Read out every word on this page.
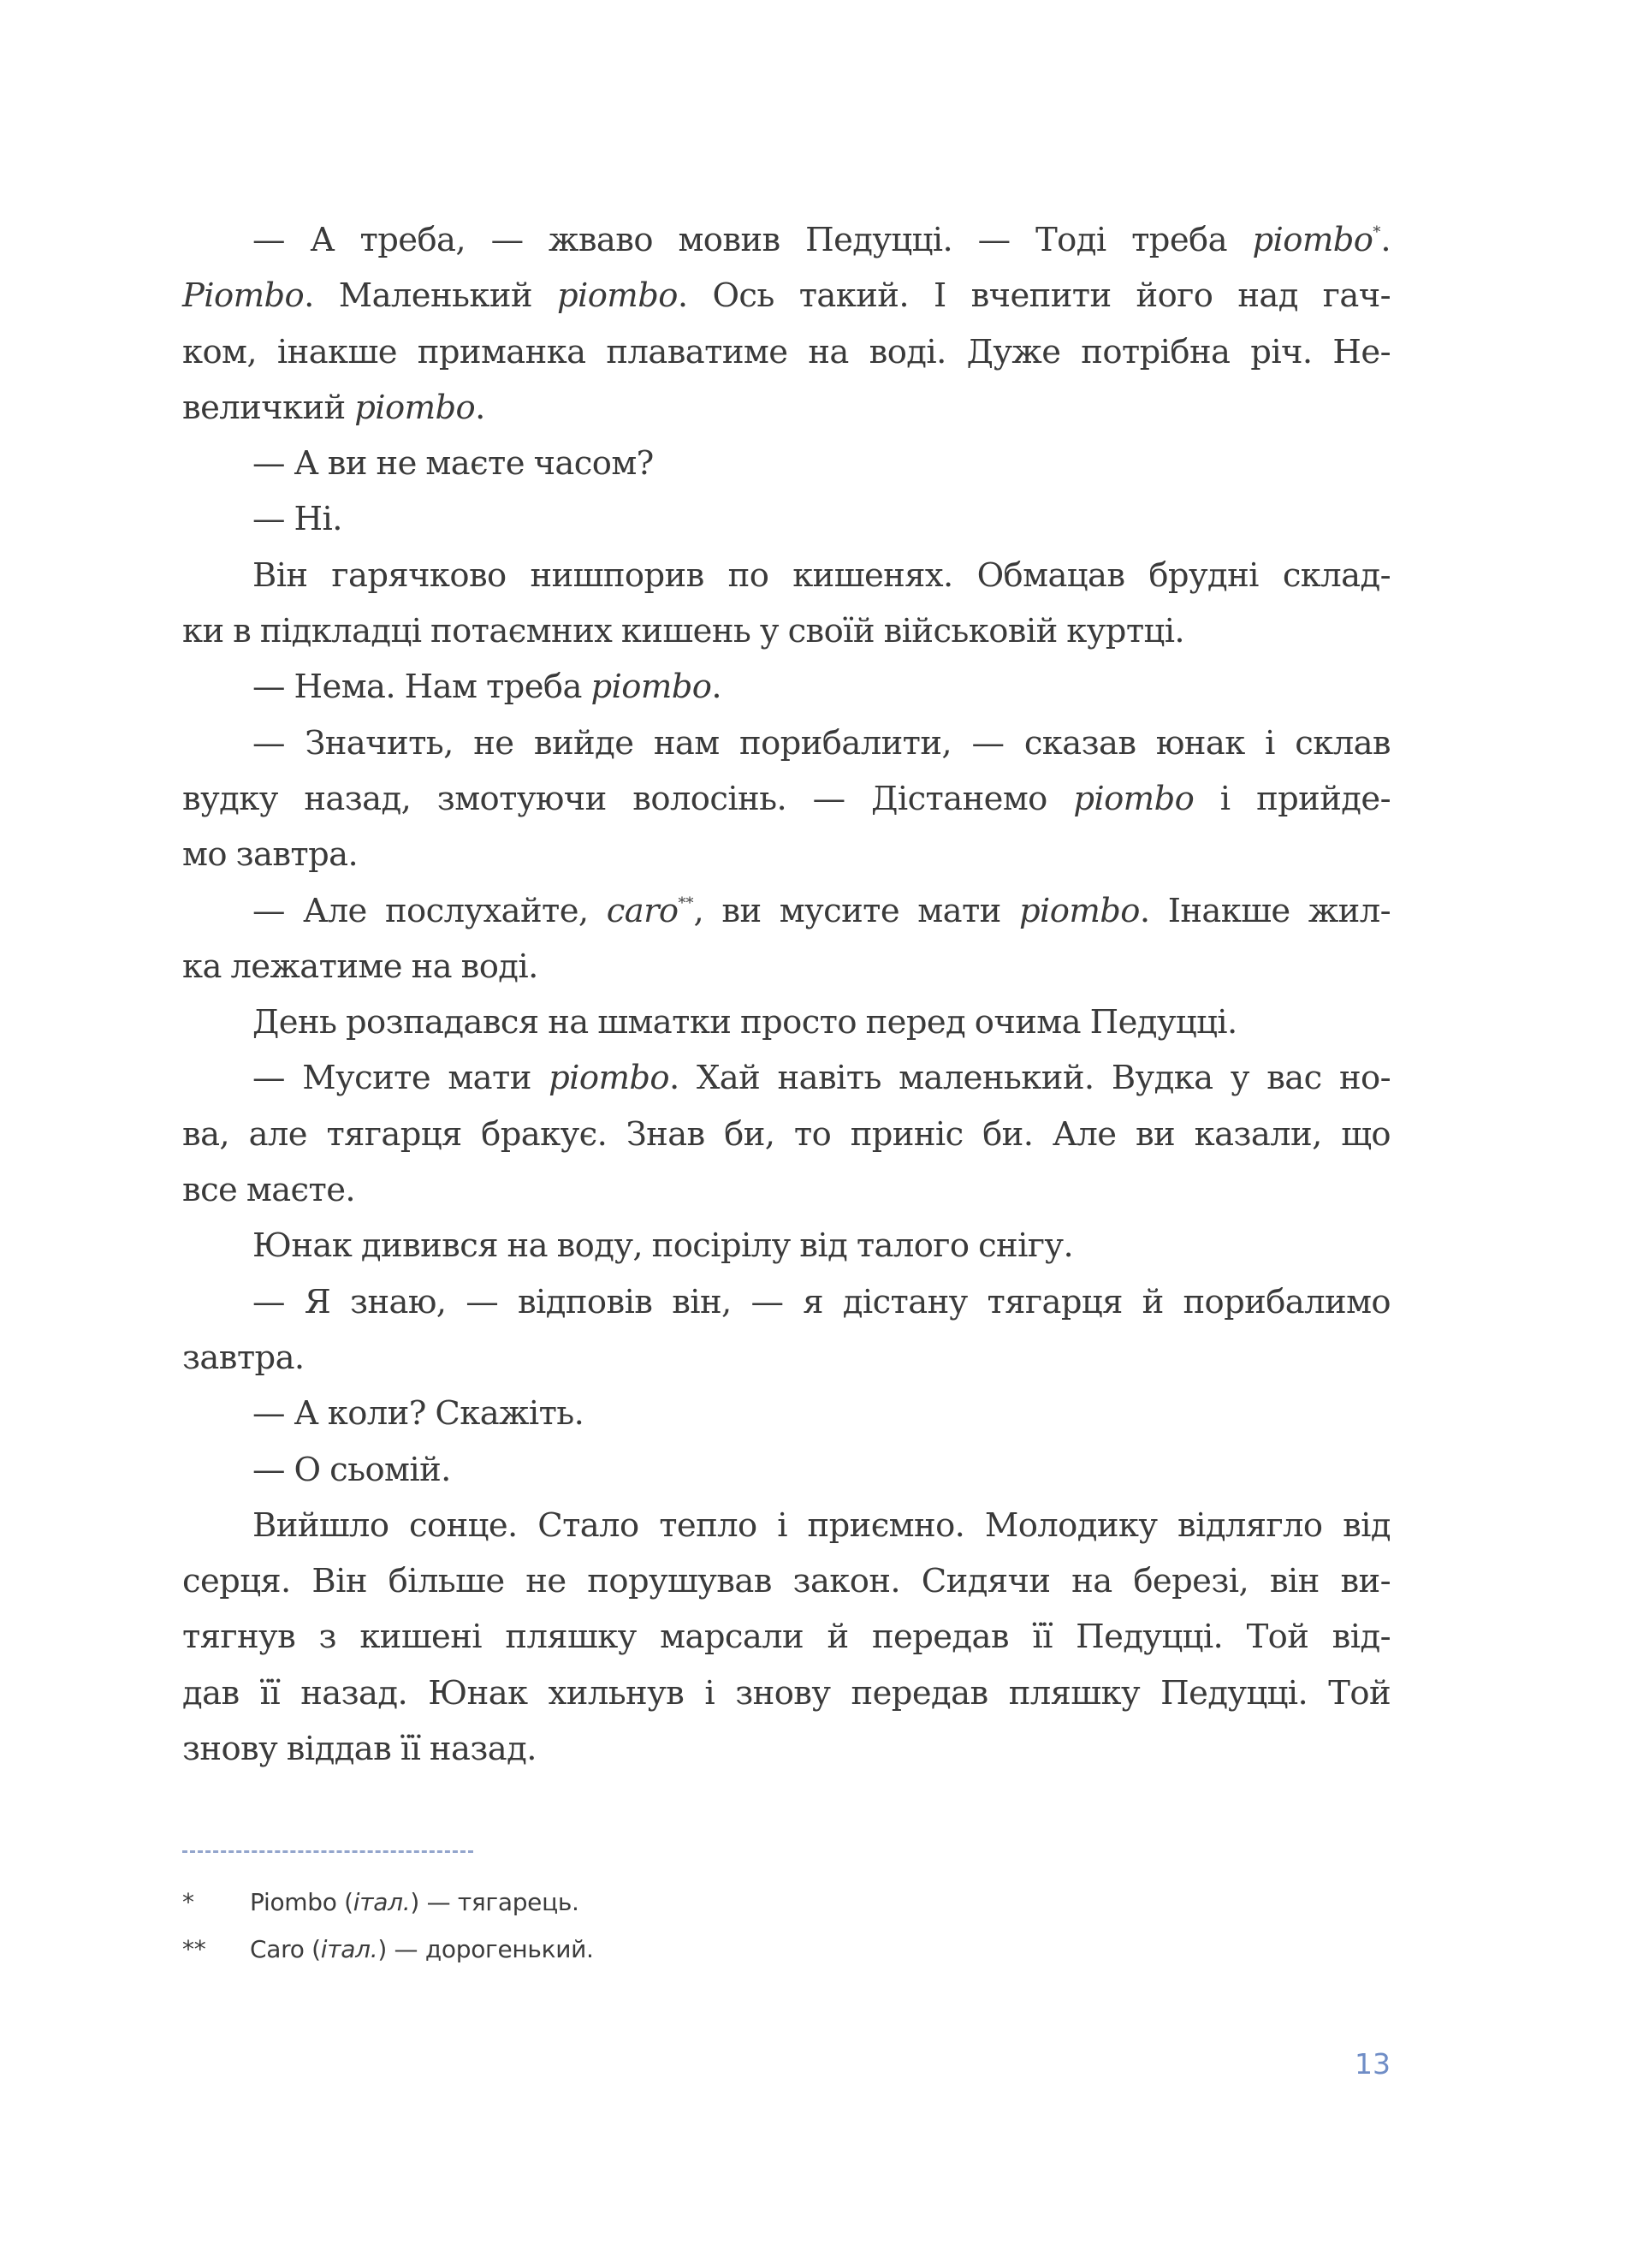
— А треба, — жваво мовив Педуцці. — Тоді треба piombo*.
Piombo. Маленький piombo. Ось такий. І вчепити його над гач-
ком, інакше приманка плаватиме на воді. Дуже потрібна річ. Не-
величкий piombo.
— А ви не маєте часом?
— Ні.
Він гарячково нишпорив по кишенях. Обмацав брудні склад-
ки в підкладці потаємних кишень у своїй військовій куртці.
— Нема. Нам треба piombo.
— Значить, не вийде нам порибалити, — сказав юнак і склав
вудку назад, змотуючи волосінь. — Дістанемо piombo і прийде-
мо завтра.
— Але послухайте, caro**, ви мусите мати piombo. Інакше жил-
ка лежатиме на воді.
День розпадався на шматки просто перед очима Педуцці.
— Мусите мати piombo. Хай навіть маленький. Вудка у вас но-
ва, але тягарця бракує. Знав би, то приніс би. Але ви казали, що
все маєте.
Юнак дивився на воду, посірілу від талого снігу.
— Я знаю, — відповів він, — я дістану тягарця й порибалимо
завтра.
— А коли? Скажіть.
— О сьомій.
Вийшло сонце. Стало тепло і приємно. Молодику відлягло від
серця. Він більше не порушував закон. Сидячи на березі, він ви-
тягнув з кишені пляшку марсали й передав її Педуцці. Той від-
дав її назад. Юнак хильнув і знову передав пляшку Педуцці. Той
знову віддав її назад.
*	Piombo (італ.) — тягарець.
**	Caro (італ.) — дорогенький.
13
